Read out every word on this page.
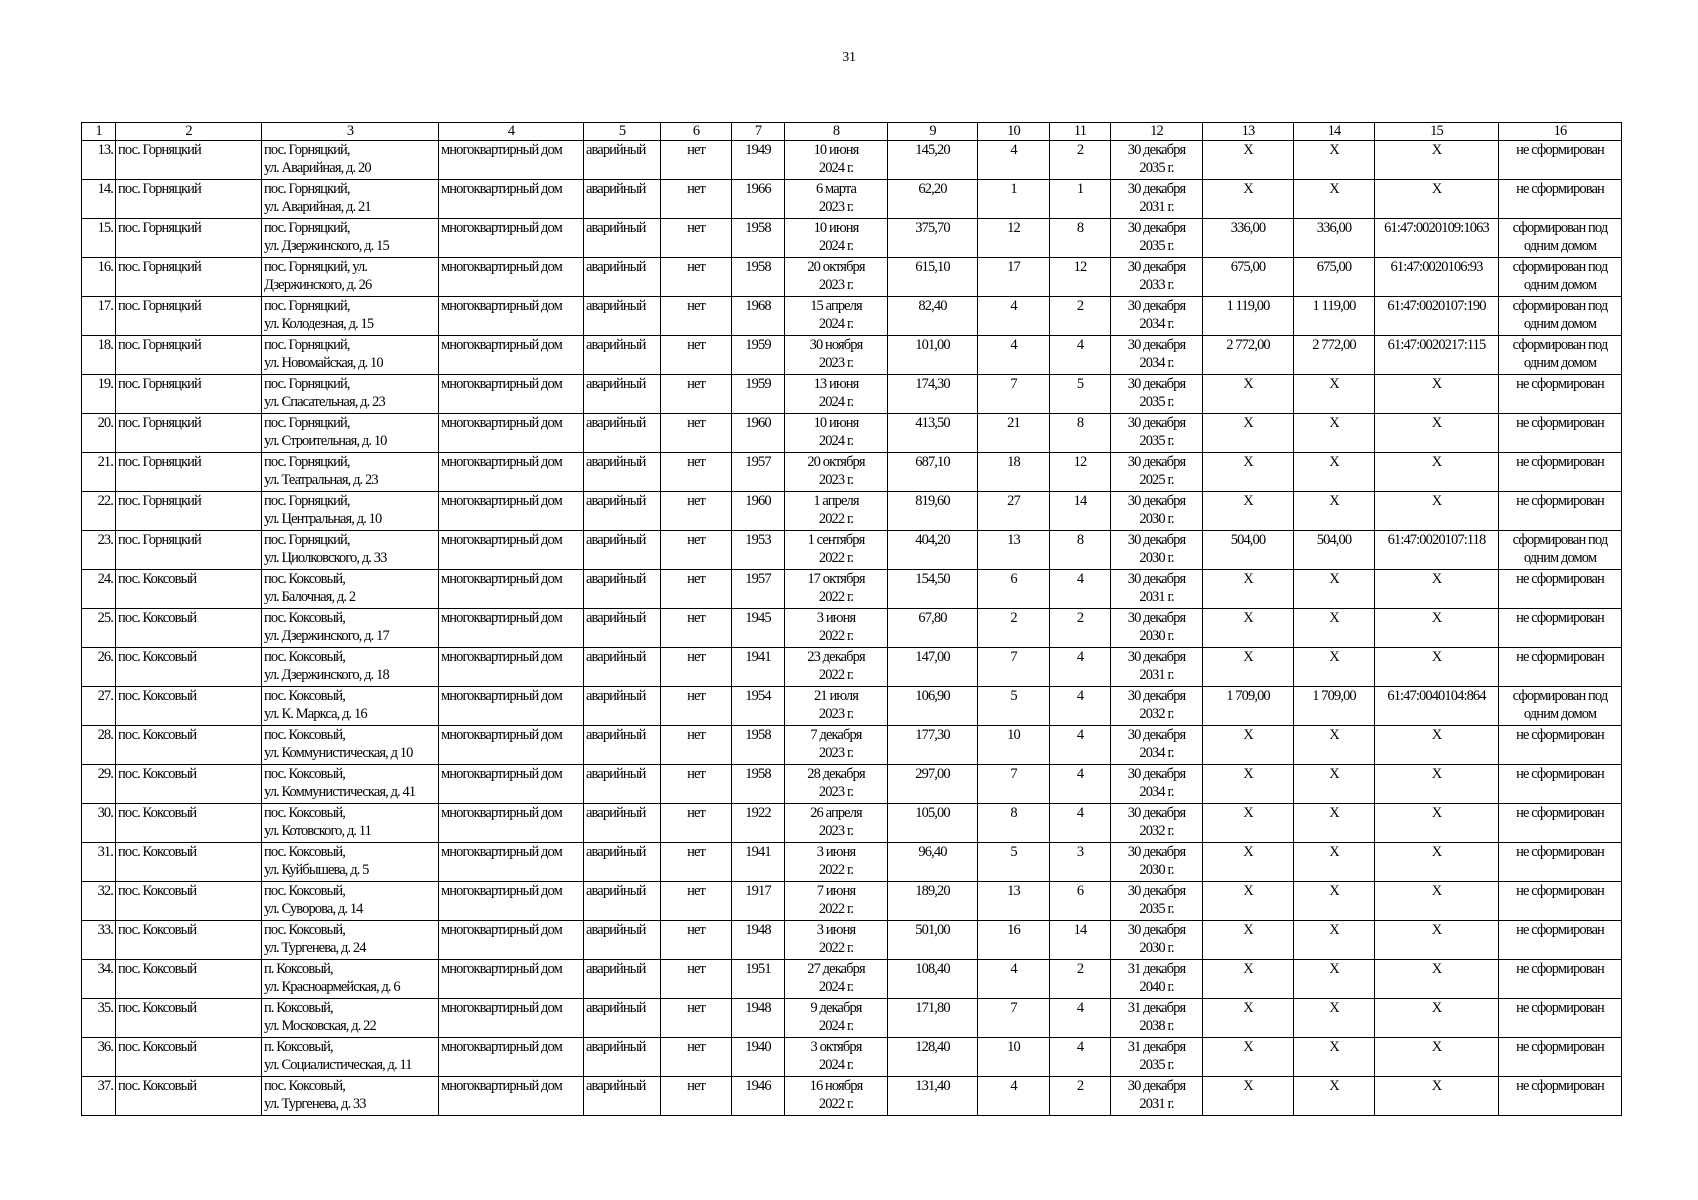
31
1	2	3	4	5	6	7	8	9	10	11	12	13	14	15	16
13.	пос. Горняцкий	пос. Горняцкий,
ул. Аварийная, д. 20	многоквартирный дом	аварийный	нет	1949	10 июня
2024 г.	145,20	4	2	30 декабря
2035 г.	X	X	X	не сформирован
14.	пос. Горняцкий	пос. Горняцкий,
ул. Аварийная, д. 21	многоквартирный дом	аварийный	нет	1966	6 марта
2023 г.	62,20	1	1	30 декабря
2031 г.	X	X	X	не сформирован
15.	пос. Горняцкий	пос. Горняцкий,
ул. Дзержинского, д. 15	многоквартирный дом	аварийный	нет	1958	10 июня
2024 г.	375,70	12	8	30 декабря
2035 г.	336,00	336,00	61:47:0020109:1063	сформирован под
одним домом
16.	пос. Горняцкий	пос. Горняцкий, ул.
Дзержинского, д. 26	многоквартирный дом	аварийный	нет	1958	20 октября
2023 г.	615,10	17	12	30 декабря
2033 г.	675,00	675,00	61:47:0020106:93	сформирован под
одним домом
17.	пос. Горняцкий	пос. Горняцкий,
ул. Колодезная, д. 15	многоквартирный дом	аварийный	нет	1968	15 апреля
2024 г.	82,40	4	2	30 декабря
2034 г.	1 119,00	1 119,00	61:47:0020107:190	сформирован под
одним домом
18.	пос. Горняцкий	пос. Горняцкий,
ул. Новомайская, д. 10	многоквартирный дом	аварийный	нет	1959	30 ноября
2023 г.	101,00	4	4	30 декабря
2034 г.	2 772,00	2 772,00	61:47:0020217:115	сформирован под
одним домом
19.	пос. Горняцкий	пос. Горняцкий,
ул. Спасательная, д. 23	многоквартирный дом	аварийный	нет	1959	13 июня
2024 г.	174,30	7	5	30 декабря
2035 г.	X	X	X	не сформирован
20.	пос. Горняцкий	пос. Горняцкий,
ул. Строительная, д. 10	многоквартирный дом	аварийный	нет	1960	10 июня
2024 г.	413,50	21	8	30 декабря
2035 г.	X	X	X	не сформирован
21.	пос. Горняцкий	пос. Горняцкий,
ул. Театральная, д. 23	многоквартирный дом	аварийный	нет	1957	20 октября
2023 г.	687,10	18	12	30 декабря
2025 г.	X	X	X	не сформирован
22.	пос. Горняцкий	пос. Горняцкий,
ул. Центральная, д. 10	многоквартирный дом	аварийный	нет	1960	1 апреля
2022 г.	819,60	27	14	30 декабря
2030 г.	X	X	X	не сформирован
23.	пос. Горняцкий	пос. Горняцкий,
ул. Циолковского, д. 33	многоквартирный дом	аварийный	нет	1953	1 сентября
2022 г.	404,20	13	8	30 декабря
2030 г.	504,00	504,00	61:47:0020107:118	сформирован под
одним домом
24.	пос. Коксовый	пос. Коксовый,
ул. Балочная, д. 2	многоквартирный дом	аварийный	нет	1957	17 октября
2022 г.	154,50	6	4	30 декабря
2031 г.	X	X	X	не сформирован
25.	пос. Коксовый	пос. Коксовый,
ул. Дзержинского, д. 17	многоквартирный дом	аварийный	нет	1945	3 июня
2022 г.	67,80	2	2	30 декабря
2030 г.	X	X	X	не сформирован
26.	пос. Коксовый	пос. Коксовый,
ул. Дзержинского, д. 18	многоквартирный дом	аварийный	нет	1941	23 декабря
2022 г.	147,00	7	4	30 декабря
2031 г.	X	X	X	не сформирован
27.	пос. Коксовый	пос. Коксовый,
ул. К. Маркса, д. 16	многоквартирный дом	аварийный	нет	1954	21 июля
2023 г.	106,90	5	4	30 декабря
2032 г.	1 709,00	1 709,00	61:47:0040104:864	сформирован под
одним домом
28.	пос. Коксовый	пос. Коксовый,
ул. Коммунистическая, д 10	многоквартирный дом	аварийный	нет	1958	7 декабря
2023 г.	177,30	10	4	30 декабря
2034 г.	X	X	X	не сформирован
29.	пос. Коксовый	пос. Коксовый,
ул. Коммунистическая, д. 41	многоквартирный дом	аварийный	нет	1958	28 декабря
2023 г.	297,00	7	4	30 декабря
2034 г.	X	X	X	не сформирован
30.	пос. Коксовый	пос. Коксовый,
ул. Котовского, д. 11	многоквартирный дом	аварийный	нет	1922	26 апреля
2023 г.	105,00	8	4	30 декабря
2032 г.	X	X	X	не сформирован
31.	пос. Коксовый	пос. Коксовый,
ул. Куйбышева, д. 5	многоквартирный дом	аварийный	нет	1941	3 июня
2022 г.	96,40	5	3	30 декабря
2030 г.	X	X	X	не сформирован
32.	пос. Коксовый	пос. Коксовый,
ул. Суворова, д. 14	многоквартирный дом	аварийный	нет	1917	7 июня
2022 г.	189,20	13	6	30 декабря
2035 г.	X	X	X	не сформирован
33.	пос. Коксовый	пос. Коксовый,
ул. Тургенева, д. 24	многоквартирный дом	аварийный	нет	1948	3 июня
2022 г.	501,00	16	14	30 декабря
2030 г.	X	X	X	не сформирован
34.	пос. Коксовый	п. Коксовый,
ул. Красноармейская, д. 6	многоквартирный дом	аварийный	нет	1951	27 декабря
2024 г.	108,40	4	2	31 декабря
2040 г.	X	X	X	не сформирован
35.	пос. Коксовый	п. Коксовый,
ул. Московская, д. 22	многоквартирный дом	аварийный	нет	1948	9 декабря
2024 г.	171,80	7	4	31 декабря
2038 г.	X	X	X	не сформирован
36.	пос. Коксовый	п. Коксовый,
ул. Социалистическая, д. 11	многоквартирный дом	аварийный	нет	1940	3 октября
2024 г.	128,40	10	4	31 декабря
2035 г.	X	X	X	не сформирован
37.	пос. Коксовый	пос. Коксовый,
ул. Тургенева, д. 33	многоквартирный дом	аварийный	нет	1946	16 ноября
2022 г.	131,40	4	2	30 декабря
2031 г.	X	X	X	не сформирован
